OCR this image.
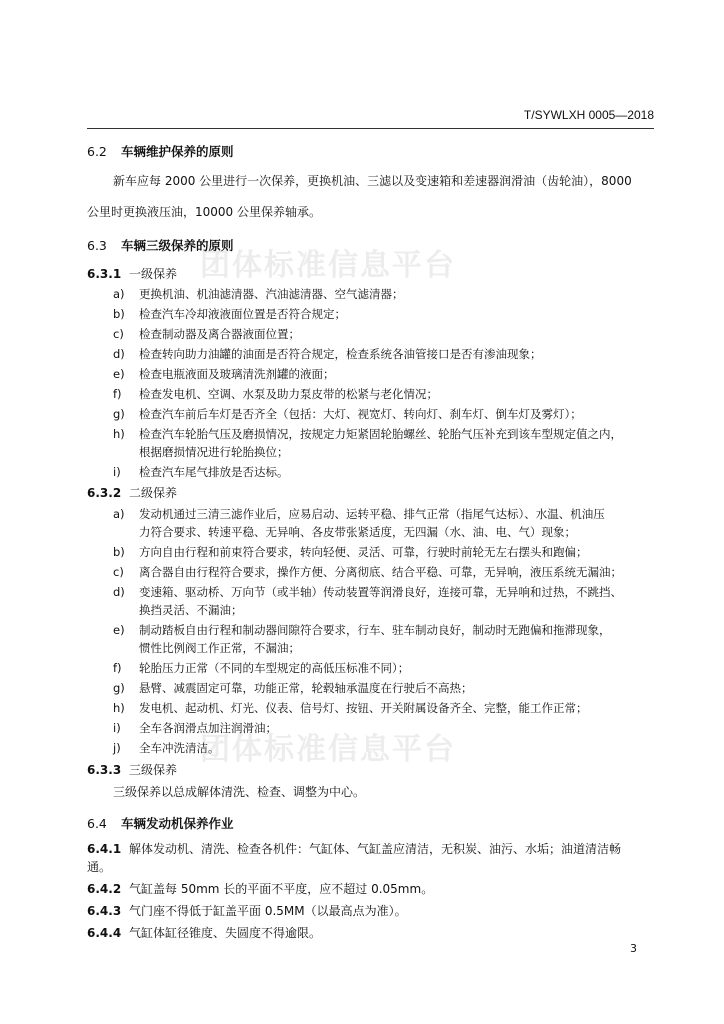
T/SYWLXH 0005—2018
团体标准信息平台
团体标准信息平台
6.2 车辆维护保养的原则
新车应每 2000 公里进行一次保养，更换机油、三滤以及变速箱和差速器润滑油（齿轮油），8000
公里时更换液压油，10000 公里保养轴承。
6.3 车辆三级保养的原则
6.3.1 一级保养
a) 更换机油、机油滤清器、汽油滤清器、空气滤清器；
b) 检查汽车冷却液液面位置是否符合规定；
c) 检查制动器及离合器液面位置；
d) 检查转向助力油罐的油面是否符合规定，检查系统各油管接口是否有渗油现象；
e) 检查电瓶液面及玻璃清洗剂罐的液面；
f) 检查发电机、空调、水泵及助力泵皮带的松紧与老化情况；
g) 检查汽车前后车灯是否齐全（包括：大灯、视宽灯、转向灯、刹车灯、倒车灯及雾灯）；
h) 检查汽车轮胎气压及磨损情况，按规定力矩紧固轮胎螺丝、轮胎气压补充到该车型规定值之内，
根据磨损情况进行轮胎换位；
i) 检查汽车尾气排放是否达标。
6.3.2 二级保养
a) 发动机通过三清三滤作业后，应易启动、运转平稳、排气正常（指尾气达标）、水温、机油压
力符合要求、转速平稳、无异响、各皮带张紧适度，无四漏（水、油、电、气）现象；
b) 方向自由行程和前束符合要求，转向轻便、灵活、可靠，行驶时前轮无左右摆头和跑偏；
c) 离合器自由行程符合要求，操作方便、分离彻底、结合平稳、可靠，无异响，液压系统无漏油；
d) 变速箱、驱动桥、万向节（或半轴）传动装置等润滑良好，连接可靠，无异响和过热，不跳挡、
换挡灵活、不漏油；
e) 制动踏板自由行程和制动器间隙符合要求，行车、驻车制动良好，制动时无跑偏和拖滞现象，
惯性比例阀工作正常，不漏油；
f) 轮胎压力正常（不同的车型规定的高低压标准不同）；
g) 悬臂、减震固定可靠，功能正常，轮毂轴承温度在行驶后不高热；
h) 发电机、起动机、灯光、仪表、信号灯、按钮、开关附属设备齐全、完整，能工作正常；
i) 全车各润滑点加注润滑油；
j) 全车冲洗清洁。
6.3.3 三级保养
三级保养以总成解体清洗、检查、调整为中心。
6.4 车辆发动机保养作业
6.4.1 解体发动机、清洗、检查各机件：气缸体、气缸盖应清洁，无积炭、油污、水垢；油道清洁畅
通。
6.4.2 气缸盖每 50mm 长的平面不平度，应不超过 0.05mm。
6.4.3 气门座不得低于缸盖平面 0.5MM（以最高点为准）。
6.4.4 气缸体缸径锥度、失圆度不得逾限。
3
